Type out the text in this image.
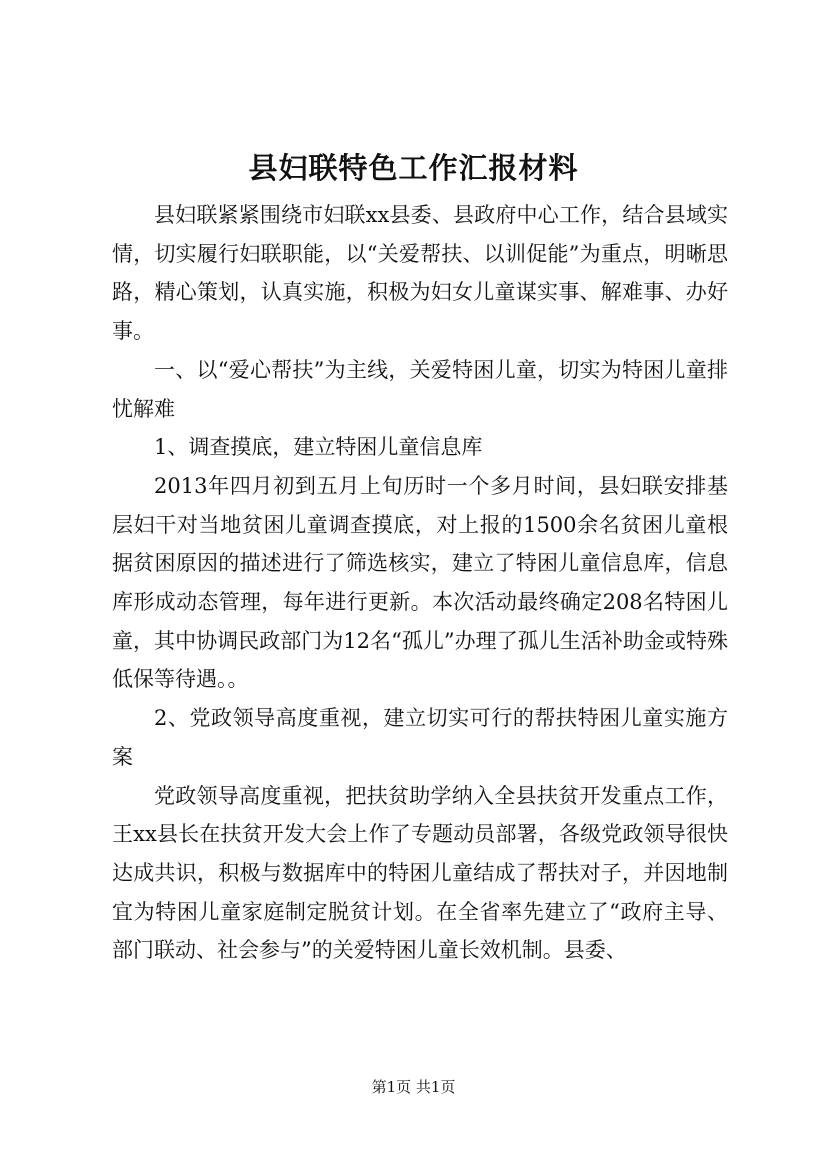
县妇联特色工作汇报材料

县妇联紧紧围绕市妇联xx县委、县政府中心工作，结合县域实情，切实履行妇联职能，以“关爱帮扶、以训促能”为重点，明晰思路，精心策划，认真实施，积极为妇女儿童谋实事、解难事、办好事。

一、以“爱心帮扶”为主线，关爱特困儿童，切实为特困儿童排忧解难

1、调查摸底，建立特困儿童信息库

2013年四月初到五月上旬历时一个多月时间，县妇联安排基层妇干对当地贫困儿童调查摸底，对上报的1500余名贫困儿童根据贫困原因的描述进行了筛选核实，建立了特困儿童信息库，信息库形成动态管理，每年进行更新。本次活动最终确定208名特困儿童，其中协调民政部门为12名“孤儿”办理了孤儿生活补助金或特殊低保等待遇。。

2、党政领导高度重视，建立切实可行的帮扶特困儿童实施方案

党政领导高度重视，把扶贫助学纳入全县扶贫开发重点工作，王xx县长在扶贫开发大会上作了专题动员部署，各级党政领导很快达成共识，积极与数据库中的特困儿童结成了帮扶对子，并因地制宜为特困儿童家庭制定脱贫计划。在全省率先建立了“政府主导、部门联动、社会参与”的关爱特困儿童长效机制。县委、

第1页 共1页
